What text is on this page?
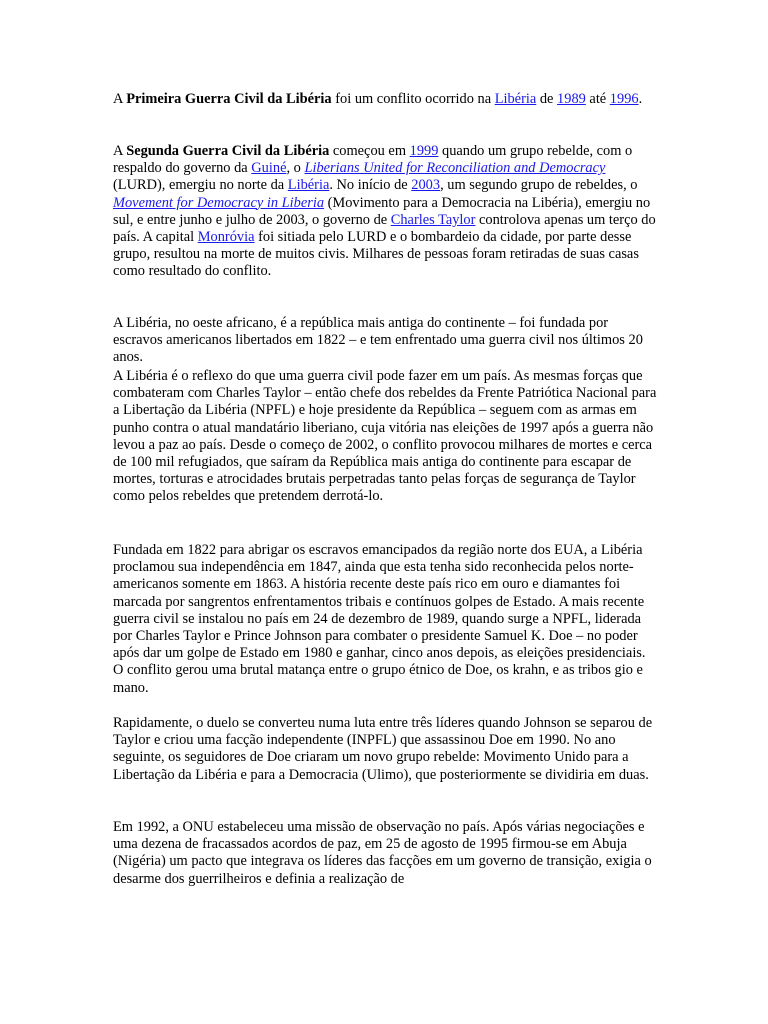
A Primeira Guerra Civil da Libéria foi um conflito ocorrido na Libéria de 1989 até 1996.

A Segunda Guerra Civil da Libéria começou em 1999 quando um grupo rebelde, com o respaldo do governo da Guiné, o Liberians United for Reconciliation and Democracy (LURD), emergiu no norte da Libéria. No início de 2003, um segundo grupo de rebeldes, o Movement for Democracy in Liberia (Movimento para a Democracia na Libéria), emergiu no sul, e entre junho e julho de 2003, o governo de Charles Taylor controlova apenas um terço do país. A capital Monróvia foi sitiada pelo LURD e o bombardeio da cidade, por parte desse grupo, resultou na morte de muitos civis. Milhares de pessoas foram retiradas de suas casas como resultado do conflito.

A Libéria, no oeste africano, é a república mais antiga do continente – foi fundada por escravos americanos libertados em 1822 – e tem enfrentado uma guerra civil nos últimos 20 anos.

A Libéria é o reflexo do que uma guerra civil pode fazer em um país. As mesmas forças que combateram com Charles Taylor – então chefe dos rebeldes da Frente Patriótica Nacional para a Libertação da Libéria (NPFL) e hoje presidente da República – seguem com as armas em punho contra o atual mandatário liberiano, cuja vitória nas eleições de 1997 após a guerra não levou a paz ao país. Desde o começo de 2002, o conflito provocou milhares de mortes e cerca de 100 mil refugiados, que saíram da República mais antiga do continente para escapar de mortes, torturas e atrocidades brutais perpetradas tanto pelas forças de segurança de Taylor como pelos rebeldes que pretendem derrotá-lo.

Fundada em 1822 para abrigar os escravos emancipados da região norte dos EUA, a Libéria proclamou sua independência em 1847, ainda que esta tenha sido reconhecida pelos norte-americanos somente em 1863. A história recente deste país rico em ouro e diamantes foi marcada por sangrentos enfrentamentos tribais e contínuos golpes de Estado. A mais recente guerra civil se instalou no país em 24 de dezembro de 1989, quando surge a NPFL, liderada por Charles Taylor e Prince Johnson para combater o presidente Samuel K. Doe – no poder após dar um golpe de Estado em 1980 e ganhar, cinco anos depois, as eleições presidenciais. O conflito gerou uma brutal matança entre o grupo étnico de Doe, os krahn, e as tribos gio e mano.

Rapidamente, o duelo se converteu numa luta entre três líderes quando Johnson se separou de Taylor e criou uma facção independente (INPFL) que assassinou Doe em 1990. No ano seguinte, os seguidores de Doe criaram um novo grupo rebelde: Movimento Unido para a Libertação da Libéria e para a Democracia (Ulimo), que posteriormente se dividiria em duas.

Em 1992, a ONU estabeleceu uma missão de observação no país. Após várias negociações e uma dezena de fracassados acordos de paz, em 25 de agosto de 1995 firmou-se em Abuja (Nigéria) um pacto que integrava os líderes das facções em um governo de transição, exigia o desarme dos guerrilheiros e definia a realização de
